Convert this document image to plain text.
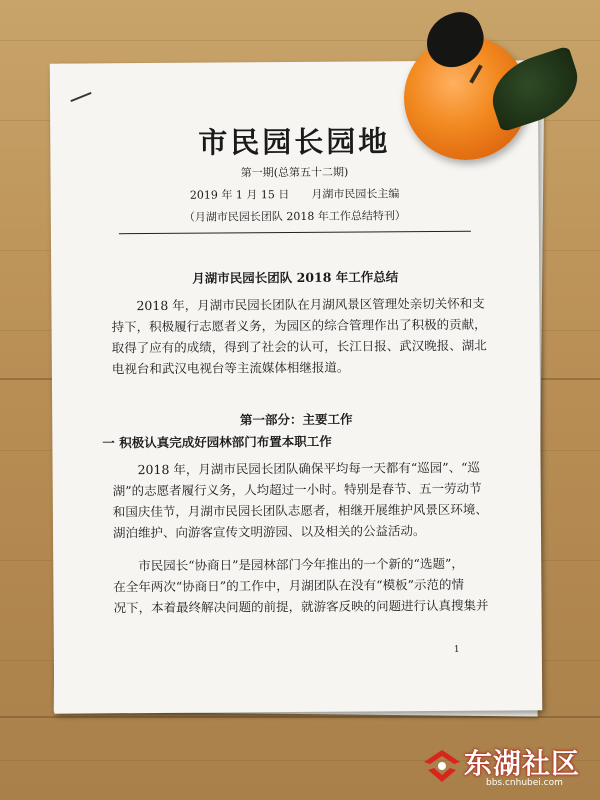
市民园长园地
第一期(总第五十二期)
2019 年 1 月 15 日　　月湖市民园长主编
（月湖市民园长团队 2018 年工作总结特刊）
月湖市民园长团队 2018 年工作总结
　　2018 年，月湖市民园长团队在月湖风景区管理处亲切关怀和支
持下，积极履行志愿者义务，为园区的综合管理作出了积极的贡献，
取得了应有的成绩，得到了社会的认可，长江日报、武汉晚报、湖北
电视台和武汉电视台等主流媒体相继报道。
第一部分：主要工作
一 积极认真完成好园林部门布置本职工作
　　2018 年，月湖市民园长团队确保平均每一天都有“巡园”、“巡
湖”的志愿者履行义务，人均超过一小时。特别是春节、五一劳动节
和国庆佳节，月湖市民园长团队志愿者，相继开展维护风景区环境、
湖泊维护、向游客宣传文明游园、以及相关的公益活动。
　　市民园长“协商日”是园林部门今年推出的一个新的“选题”，
在全年两次“协商日”的工作中，月湖团队在没有“模板”示范的情
况下，本着最终解决问题的前提，就游客反映的问题进行认真搜集并
1
东湖社区
bbs.cnhubei.com
